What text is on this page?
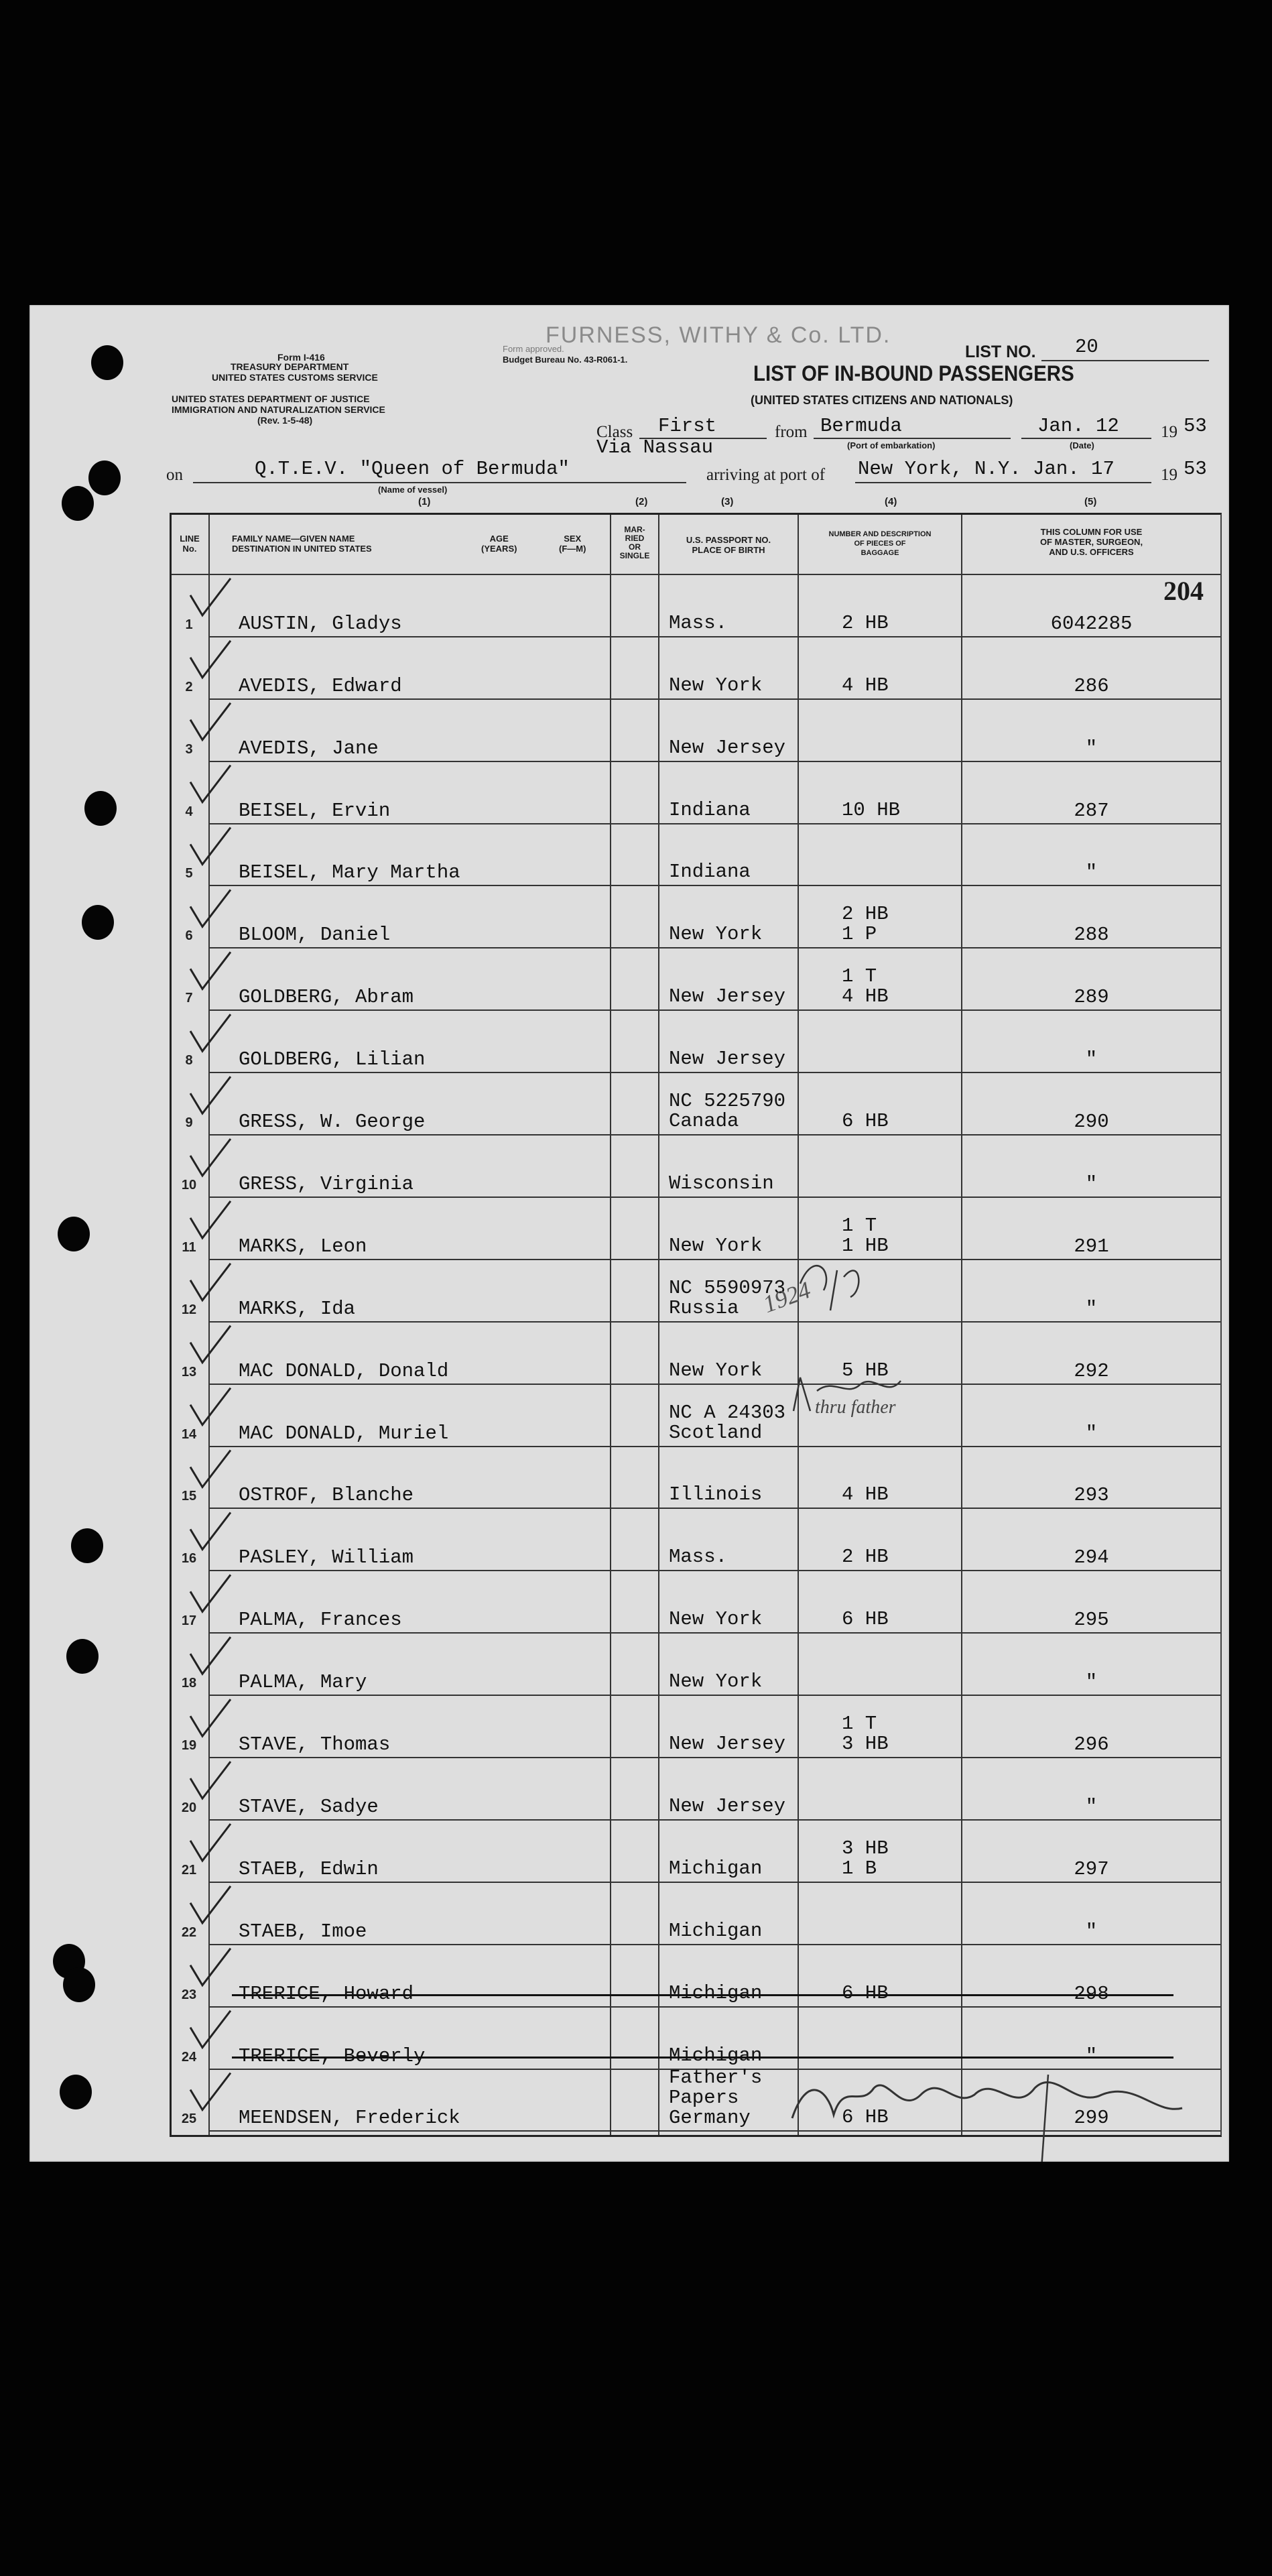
Form I-416
TREASURY DEPARTMENT
UNITED STATES CUSTOMS SERVICE
UNITED STATES DEPARTMENT OF JUSTICE
IMMIGRATION AND NATURALIZATION SERVICE
(Rev. 1-5-48)
Form approved.
Budget Bureau No. 43-R061-1.
FURNESS, WITHY & Co. LTD.
LIST NO. 20
LIST OF IN-BOUND PASSENGERS
(UNITED STATES CITIZENS AND NATIONALS)
Class First
Via Nassau
from Bermuda
(Port of embarkation)
Jan. 12
(Date)
19 53
on	Q.T.E.V. "Queen of Bermuda"
(Name of vessel)
arriving at port of New York, N.Y. Jan. 17	19 53
(1)	(2)	(3)	(4)	(5)
LINE No.
FAMILY NAME—GIVEN NAME
DESTINATION IN UNITED STATES
AGE
(YEARS)
SEX
(F—M)
MAR-
RIED
OR
SINGLE
U.S. PASSPORT NO.
PLACE OF BIRTH
NUMBER AND DESCRIPTION
OF PIECES OF
BAGGAGE
THIS COLUMN FOR USE
OF MASTER, SURGEON,
AND U.S. OFFICERS
204
1	AUSTIN, Gladys	Mass.	2 HB	6042285
2	AVEDIS, Edward	New York	4 HB	286
3	AVEDIS, Jane	New Jersey	"
4	BEISEL, Ervin	Indiana	10 HB	287
5	BEISEL, Mary Martha	Indiana	"
6	BLOOM, Daniel	New York
2 HB
1 P	288
7	GOLDBERG, Abram	New Jersey
1 T
4 HB	289
8	GOLDBERG, Lilian	New Jersey	"
9	GRESS, W. George
NC 5225790
Canada	6 HB	290
10	GRESS, Virginia	Wisconsin	"
11	MARKS, Leon	New York
1 T
1 HB	291
12	MARKS, Ida
NC 5590973
Russia	"
13	MAC DONALD, Donald	New York	5 HB	292
14	MAC DONALD, Muriel
NC A 24303
Scotland	"
15	OSTROF, Blanche	Illinois	4 HB	293
16	PASLEY, William	Mass.	2 HB	294
17	PALMA, Frances	New York	6 HB	295
18	PALMA, Mary	New York	"
19	STAVE, Thomas	New Jersey
1 T
3 HB	296
20	STAVE, Sadye	New Jersey	"
21	STAEB, Edwin	Michigan
3 HB
1 B	297
22	STAEB, Imoe	Michigan	"
23	TRERICE, Howard	Michigan	6 HB	298
24	TRERICE, Beverly	Michigan	"
25	MEENDSEN, Frederick
Father's
Papers
Germany	6 HB	299
1924
thru father
